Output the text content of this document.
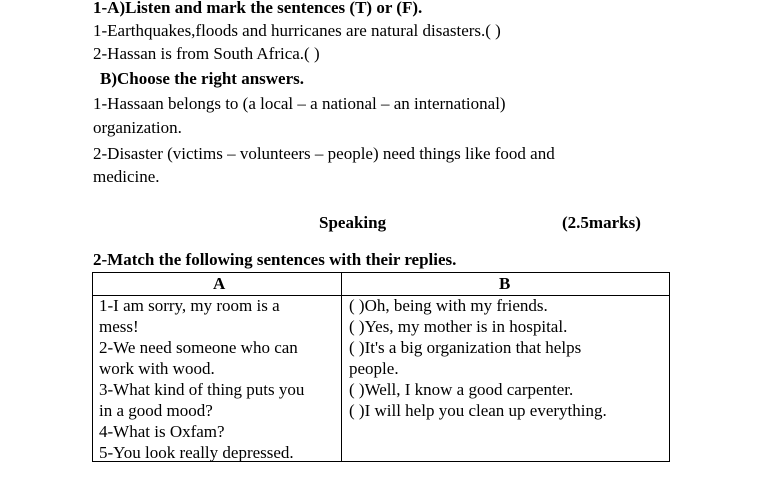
1-A)Listen and mark the sentences (T) or (F).
1-Earthquakes,floods and hurricanes are natural disasters.( )
2-Hassan is from South Africa.( )
B)Choose the right answers.
1-Hassaan belongs to (a local – a national – an international)
organization.
2-Disaster (victims – volunteers – people) need things like food and
medicine.
Speaking	(2.5marks)
2-Match the following sentences with their replies.
A	B
1-I am sorry, my room is a
mess!
2-We need someone who can
work with wood.
3-What kind of thing puts you
in a good mood?
4-What is Oxfam?
5-You look really depressed.
( )Oh, being with my friends.
( )Yes, my mother is in hospital.
( )It's a big organization that helps
people.
( )Well, I know a good carpenter.
( )I will help you clean up everything.
